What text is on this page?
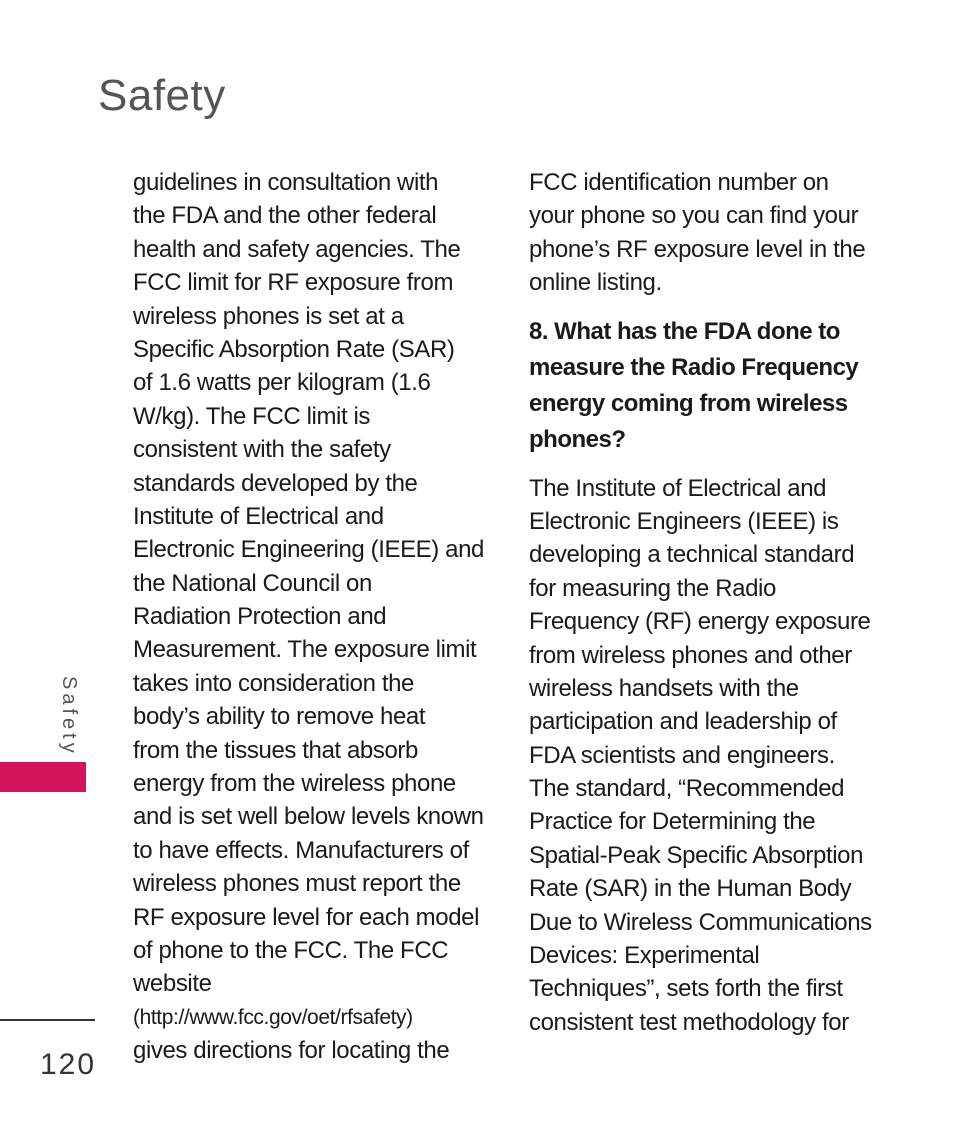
Safety
guidelines in consultation with
the FDA and the other federal
health and safety agencies. The
FCC limit for RF exposure from
wireless phones is set at a
Specific Absorption Rate (SAR)
of 1.6 watts per kilogram (1.6
W/kg). The FCC limit is
consistent with the safety
standards developed by the
Institute of Electrical and
Electronic Engineering (IEEE) and
the National Council on
Radiation Protection and
Measurement. The exposure limit
takes into consideration the
body’s ability to remove heat
from the tissues that absorb
energy from the wireless phone
and is set well below levels known
to have effects. Manufacturers of
wireless phones must report the
RF exposure level for each model
of phone to the FCC. The FCC
website
(http://www.fcc.gov/oet/rfsafety)
gives directions for locating the
FCC identification number on
your phone so you can find your
phone’s RF exposure level in the
online listing.
8. What has the FDA done to
measure the Radio Frequency
energy coming from wireless
phones?
The Institute of Electrical and
Electronic Engineers (IEEE) is
developing a technical standard
for measuring the Radio
Frequency (RF) energy exposure
from wireless phones and other
wireless handsets with the
participation and leadership of
FDA scientists and engineers.
The standard, “Recommended
Practice for Determining the
Spatial-Peak Specific Absorption
Rate (SAR) in the Human Body
Due to Wireless Communications
Devices: Experimental
Techniques”, sets forth the first
consistent test methodology for
Safety
120
